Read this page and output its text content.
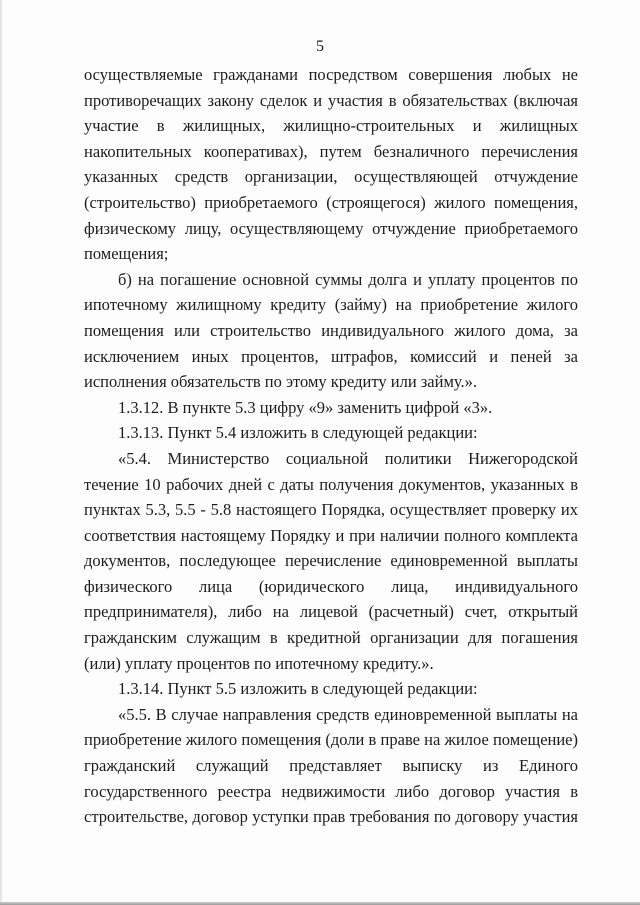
5
осуществляемые гражданами посредством совершения любых не
противоречащих закону сделок и участия в обязательствах (включая
участие в жилищных, жилищно-строительных и жилищных
накопительных кооперативах), путем безналичного перечисления
указанных средств организации, осуществляющей отчуждение
(строительство) приобретаемого (строящегося) жилого помещения,
физическому лицу, осуществляющему отчуждение приобретаемого
помещения;
б) на погашение основной суммы долга и уплату процентов по
ипотечному жилищному кредиту (займу) на приобретение жилого
помещения или строительство индивидуального жилого дома, за
исключением иных процентов, штрафов, комиссий и пеней за
исполнения обязательств по этому кредиту или займу.».
1.3.12. В пункте 5.3 цифру «9» заменить цифрой «3».
1.3.13. Пункт 5.4 изложить в следующей редакции:
«5.4. Министерство социальной политики Нижегородской
течение 10 рабочих дней с даты получения документов, указанных в
пунктах 5.3, 5.5 - 5.8 настоящего Порядка, осуществляет проверку их
соответствия настоящему Порядку и при наличии полного комплекта
документов, последующее перечисление единовременной выплаты
физического лица (юридического лица, индивидуального
предпринимателя), либо на лицевой (расчетный) счет, открытый
гражданским служащим в кредитной организации для погашения
(или) уплату процентов по ипотечному кредиту.».
1.3.14. Пункт 5.5 изложить в следующей редакции:
«5.5. В случае направления средств единовременной выплаты на
приобретение жилого помещения (доли в праве на жилое помещение)
гражданский служащий представляет выписку из Единого
государственного реестра недвижимости либо договор участия в
строительстве, договор уступки прав требования по договору участия
